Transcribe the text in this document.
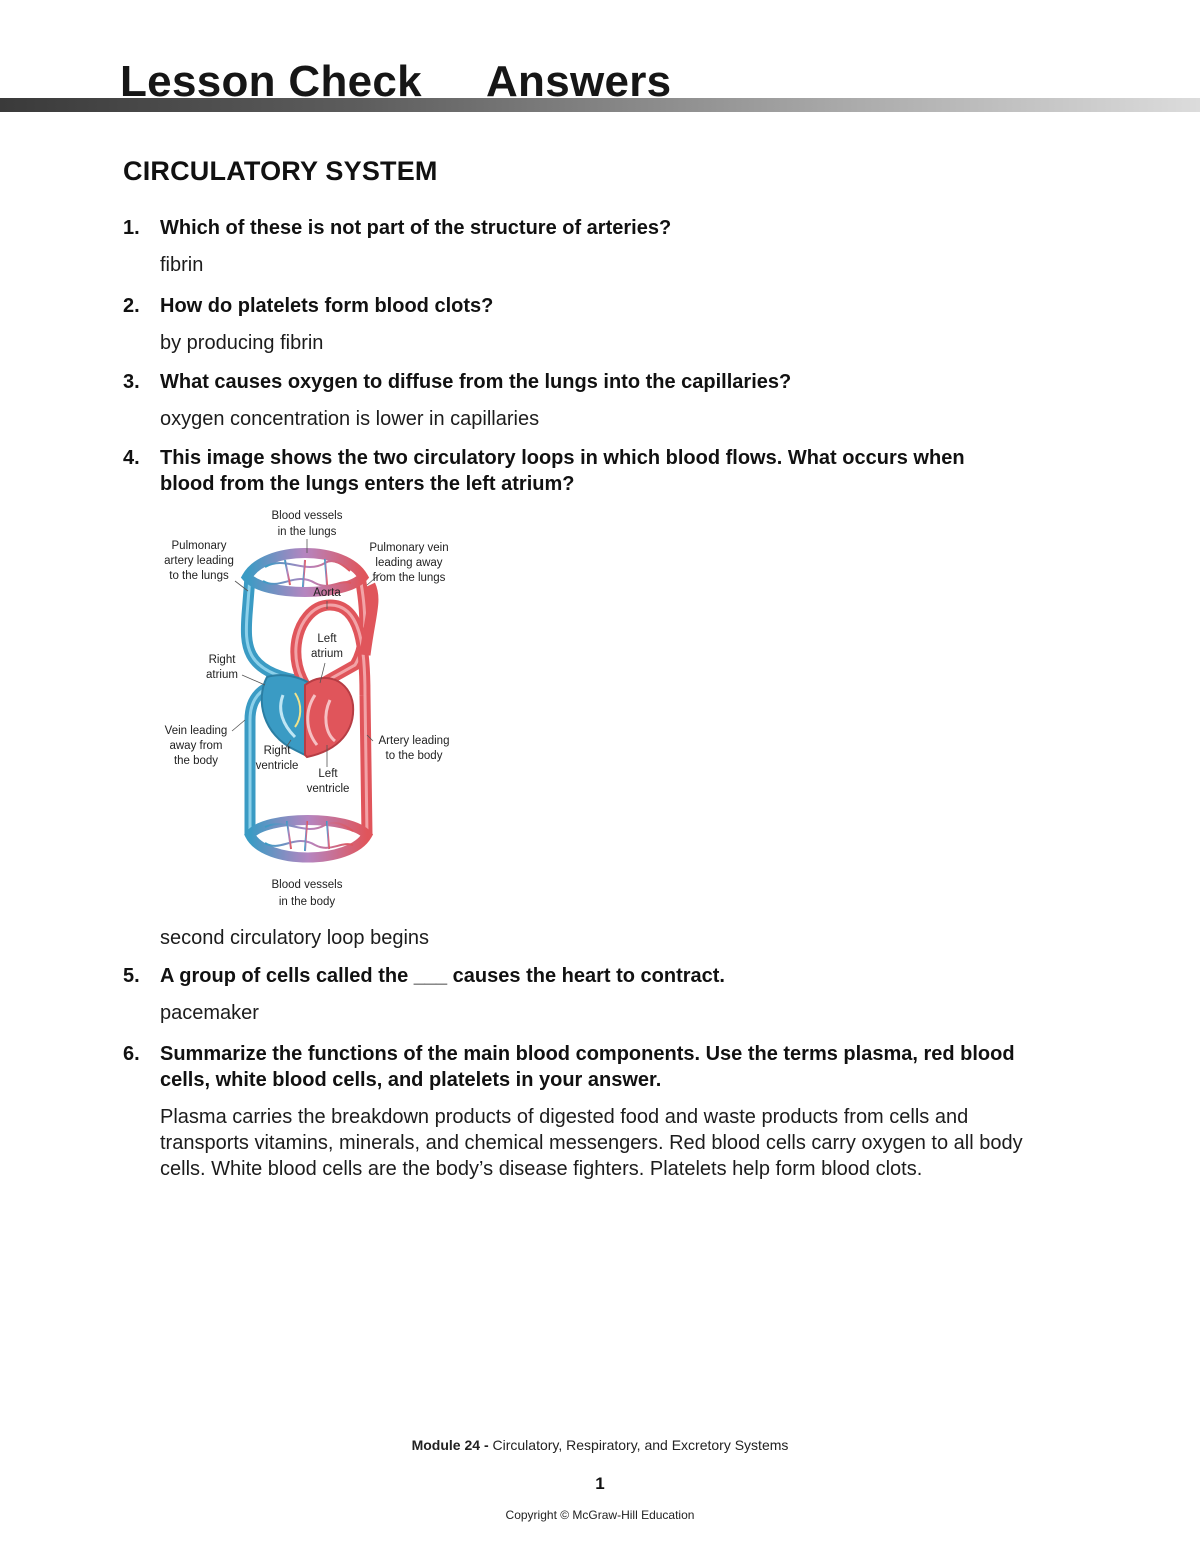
Lesson Check Answers
CIRCULATORY SYSTEM
1.	Which of these is not part of the structure of arteries?
fibrin
2.	How do platelets form blood clots?
by producing fibrin
3.	What causes oxygen to diffuse from the lungs into the capillaries?
oxygen concentration is lower in capillaries
4.	This image shows the two circulatory loops in which blood flows. What occurs when blood from the lungs enters the left atrium?
Blood vessels
in the lungs
Pulmonary
artery leading
to the lungs
Pulmonary vein
leading away
from the lungs
Aorta
Left
atrium
Right
atrium
Vein leading
away from
the body
Right
ventricle
Artery leading
to the body
Left
ventricle
Blood vessels
in the body
second circulatory loop begins
5.	A group of cells called the ___ causes the heart to contract.
pacemaker
6.	Summarize the functions of the main blood components. Use the terms plasma, red blood cells, white blood cells, and platelets in your answer.
Plasma carries the breakdown products of digested food and waste products from cells and transports vitamins, minerals, and chemical messengers. Red blood cells carry oxygen to all body cells. White blood cells are the body’s disease fighters. Platelets help form blood clots.
Module 24 - Circulatory, Respiratory, and Excretory Systems
1
Copyright © McGraw-Hill Education
